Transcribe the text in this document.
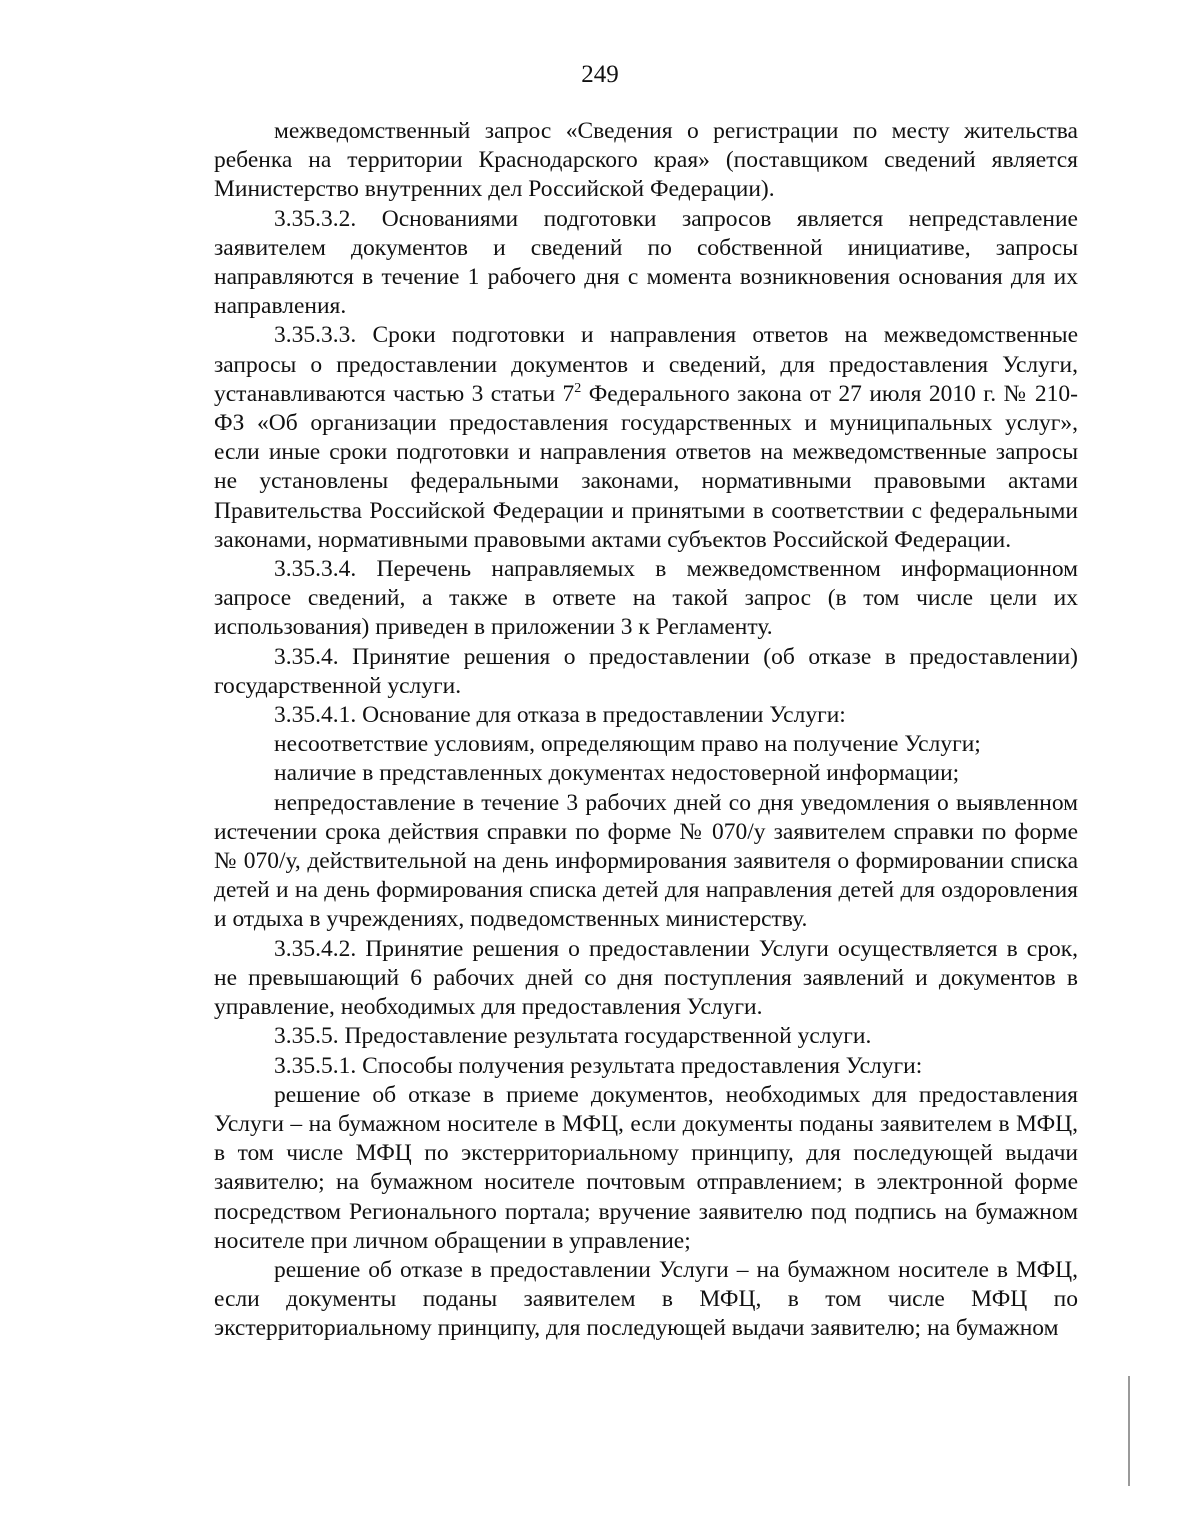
249

межведомственный запрос «Сведения о регистрации по месту жительства ребенка на территории Краснодарского края» (поставщиком сведений является Министерство внутренних дел Российской Федерации).

3.35.3.2. Основаниями подготовки запросов является непредставление заявителем документов и сведений по собственной инициативе, запросы направляются в течение 1 рабочего дня с момента возникновения основания для их направления.

3.35.3.3. Сроки подготовки и направления ответов на межведомственные запросы о предоставлении документов и сведений, для предоставления Услуги, устанавливаются частью 3 статьи $7^2$ Федерального закона от 27 июля 2010 г. № 210-ФЗ «Об организации предоставления государственных и муниципальных услуг», если иные сроки подготовки и направления ответов на межведомственные запросы не установлены федеральными законами, нормативными правовыми актами Правительства Российской Федерации и принятыми в соответствии с федеральными законами, нормативными правовыми актами субъектов Российской Федерации.

3.35.3.4. Перечень направляемых в межведомственном информационном запросе сведений, а также в ответе на такой запрос (в том числе цели их использования) приведен в приложении 3 к Регламенту.

3.35.4. Принятие решения о предоставлении (об отказе в предоставлении) государственной услуги.

3.35.4.1. Основание для отказа в предоставлении Услуги:

несоответствие условиям, определяющим право на получение Услуги;

наличие в представленных документах недостоверной информации;

непредоставление в течение 3 рабочих дней со дня уведомления о выявленном истечении срока действия справки по форме № 070/у заявителем справки по форме № 070/у, действительной на день информирования заявителя о формировании списка детей и на день формирования списка детей для направления детей для оздоровления и отдыха в учреждениях, подведомственных министерству.

3.35.4.2. Принятие решения о предоставлении Услуги осуществляется в срок, не превышающий 6 рабочих дней со дня поступления заявлений и документов в управление, необходимых для предоставления Услуги.

3.35.5. Предоставление результата государственной услуги.

3.35.5.1. Способы получения результата предоставления Услуги:

решение об отказе в приеме документов, необходимых для предоставления Услуги – на бумажном носителе в МФЦ, если документы поданы заявителем в МФЦ, в том числе МФЦ по экстерриториальному принципу, для последующей выдачи заявителю; на бумажном носителе почтовым отправлением; в электронной форме посредством Регионального портала; вручение заявителю под подпись на бумажном носителе при личном обращении в управление;

решение об отказе в предоставлении Услуги – на бумажном носителе в МФЦ, если документы поданы заявителем в МФЦ, в том числе МФЦ по экстерриториальному принципу, для последующей выдачи заявителю; на бумажном
